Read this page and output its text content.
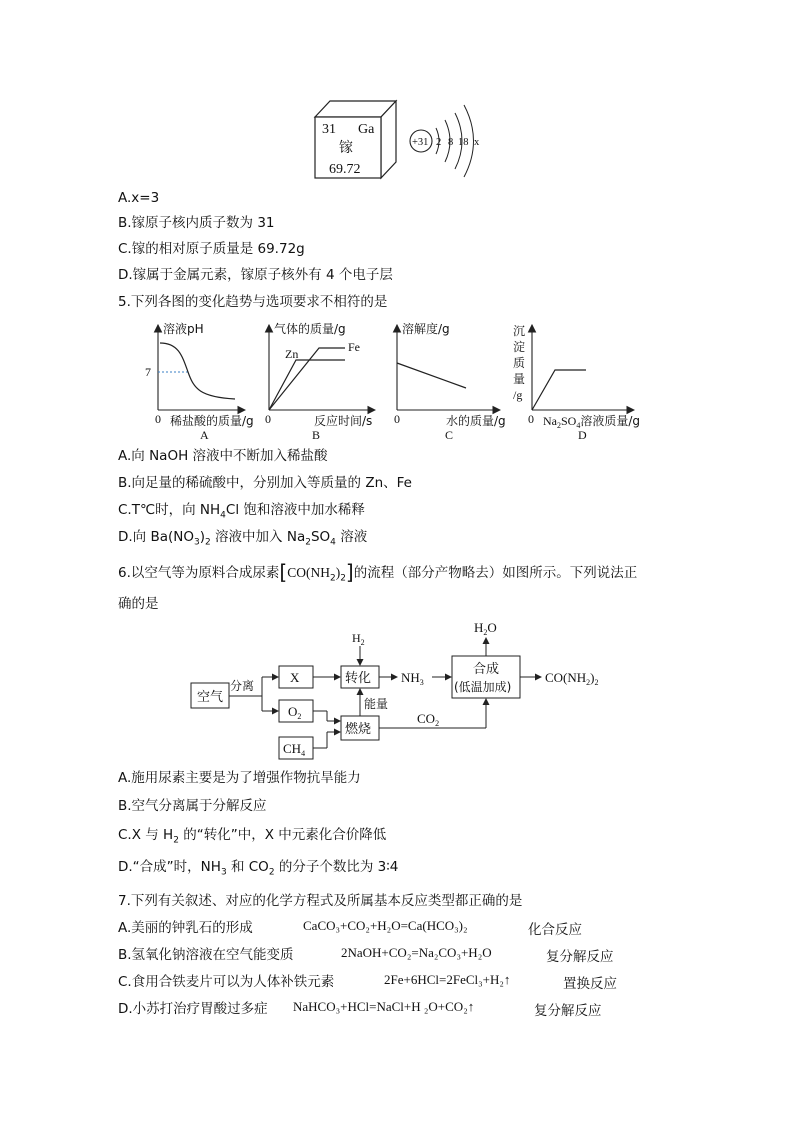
31 Ga
镓
69.72
+31 2 8 18 x
A.x=3
B.镓原子核内质子数为 31
C.镓的相对原子质量是 69.72g
D.镓属于金属元素，镓原子核外有 4 个电子层
5.下列各图的变化趋势与选项要求不相符的是
溶液pH
7
0 稀盐酸的质量/g
A
气体的质量/g
Zn	Fe
0	反应时间/s
B
溶解度/g
0	水的质量/g
C
沉
淀
质
量
/g
0 $Na_2SO_4$溶液质量/g
D
A.向 NaOH 溶液中不断加入稀盐酸
B.向足量的稀硫酸中，分别加入等质量的 Zn、Fe
C.T℃时，向 $NH_4Cl$ 饱和溶液中加水稀释
D.向 $Ba(NO_3)_2$ 溶液中加入 $Na_2SO_4$ 溶液
6.以空气等为原料合成尿素$[CO(NH_2)_2]$的流程（部分产物略去）如图所示。下列说法正
确的是
空气
分离
X
$O_2$
$CH_4$
$H_2$
转化
燃烧
能量
$NH_3$
合成
(低温加成)
$H_2O$
$CO_2$
$CO(NH_2)_2$
A.施用尿素主要是为了增强作物抗旱能力
B.空气分离属于分解反应
C.X 与 $H_2$ 的“转化”中，X 中元素化合价降低
D.“合成”时，$NH_3$ 和 $CO_2$ 的分子个数比为 3∶4
7.下列有关叙述、对应的化学方程式及所属基本反应类型都正确的是
A.美丽的钟乳石的形成	CaCO₃+CO₂+H₂O=Ca(HCO₃)₂	化合反应
B.氢氧化钠溶液在空气能变质	2NaOH+CO₂=Na₂CO₃+H₂O	复分解反应
C.食用合铁麦片可以为人体补铁元素	2Fe+6HCl=2FeCl₃+H₂↑	置换反应
D.小苏打治疗胃酸过多症 NaHCO₃+HCl=NaCl+H ₂O+CO₂↑	复分解反应
